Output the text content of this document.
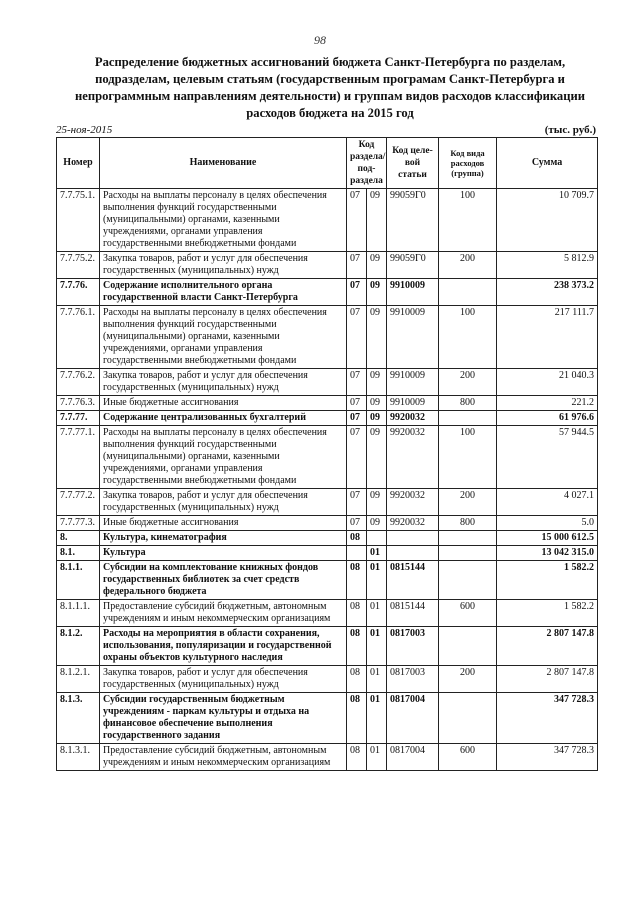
98
Распределение бюджетных ассигнований бюджета Санкт-Петербурга по разделам, подразделам, целевым статьям (государственным програмам Санкт-Петербурга и непрограммным направлениям деятельности) и группам видов расходов классификации расходов бюджета на 2015 год
25-ноя-2015	(тыс. руб.)
Номер	Наименование	Код раздела/ под- раздела		Код целе- вой статьи	Код вида расходов (группа)	Сумма
7.7.75.1.	Расходы на выплаты персоналу в целях обеспечения выполнения функций государственными (муниципальными) органами, казенными учреждениями, органами управления государственными внебюджетными фондами	07	09	99059Г0	100	10 709.7
7.7.75.2.	Закупка товаров, работ и услуг для обеспечения государственных (муниципальных) нужд	07	09	99059Г0	200	5 812.9
7.7.76.	Содержание исполнительного органа государственной власти Санкт-Петербурга	07	09	9910009		238 373.2
7.7.76.1.	Расходы на выплаты персоналу в целях обеспечения выполнения функций государственными (муниципальными) органами, казенными учреждениями, органами управления государственными внебюджетными фондами	07	09	9910009	100	217 111.7
7.7.76.2.	Закупка товаров, работ и услуг для обеспечения государственных (муниципальных) нужд	07	09	9910009	200	21 040.3
7.7.76.3.	Иные бюджетные ассигнования	07	09	9910009	800	221.2
7.7.77.	Содержание централизованных бухгалтерий	07	09	9920032		61 976.6
7.7.77.1.	Расходы на выплаты персоналу в целях обеспечения выполнения функций государственными (муниципальными) органами, казенными учреждениями, органами управления государственными внебюджетными фондами	07	09	9920032	100	57 944.5
7.7.77.2.	Закупка товаров, работ и услуг для обеспечения государственных (муниципальных) нужд	07	09	9920032	200	4 027.1
7.7.77.3.	Иные бюджетные ассигнования	07	09	9920032	800	5.0
8.	Культура, кинематография	08				15 000 612.5
8.1.	Культура		01			13 042 315.0
8.1.1.	Субсидии на комплектование книжных фондов государственных библиотек за счет средств федерального бюджета	08	01	0815144		1 582.2
8.1.1.1.	Предоставление субсидий бюджетным, автономным учреждениям и иным некоммерческим организациям	08	01	0815144	600	1 582.2
8.1.2.	Расходы на мероприятия в области сохранения, использования, популяризации и государственной охраны объектов культурного наследия	08	01	0817003		2 807 147.8
8.1.2.1.	Закупка товаров, работ и услуг для обеспечения государственных (муниципальных) нужд	08	01	0817003	200	2 807 147.8
8.1.3.	Субсидии государственным бюджетным учреждениям - паркам культуры и отдыха на финансовое обеспечение выполнения государственного задания	08	01	0817004		347 728.3
8.1.3.1.	Предоставление субсидий бюджетным, автономным учреждениям и иным некоммерческим организациям	08	01	0817004	600	347 728.3
